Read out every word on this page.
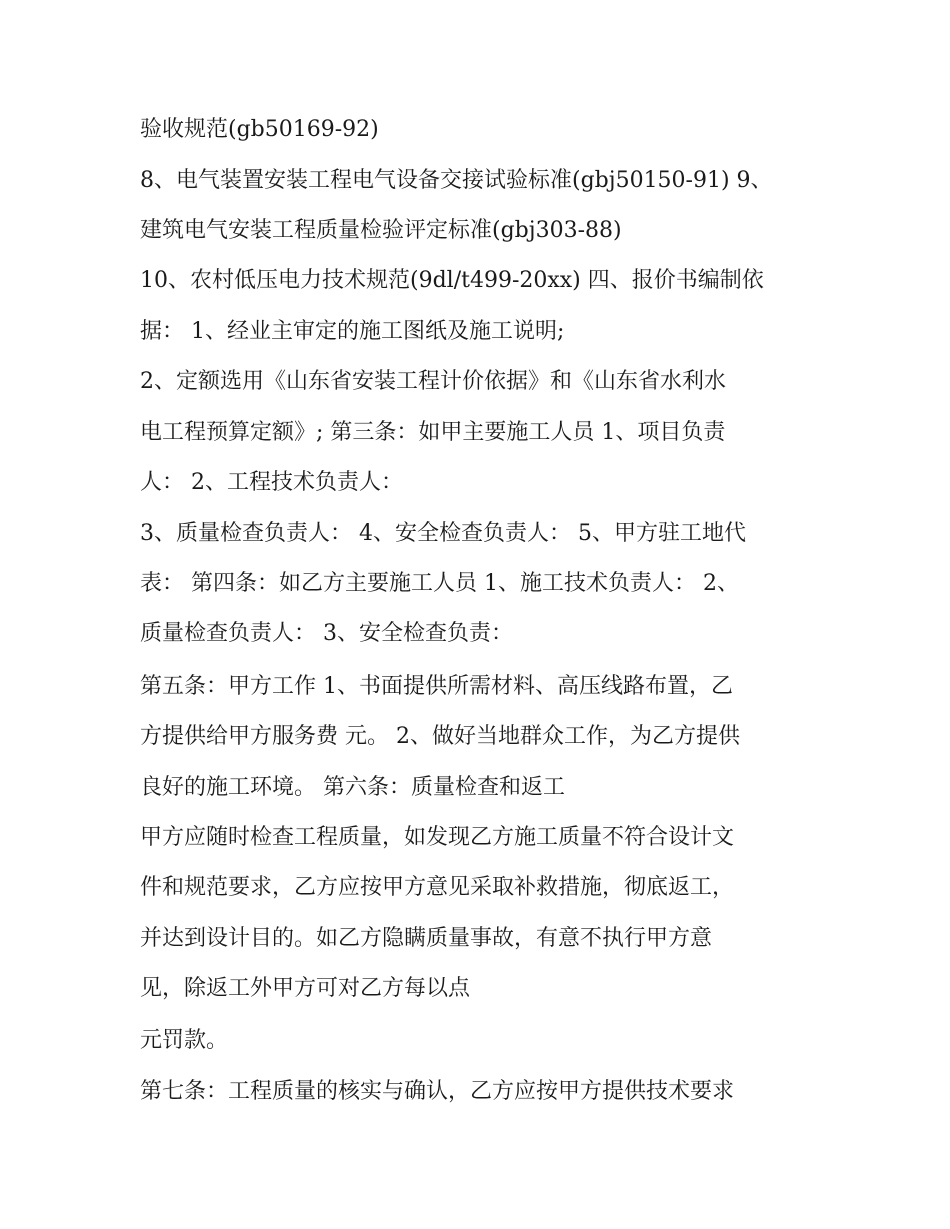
验收规范(gb50169-92)

8、电气装置安装工程电气设备交接试验标准(gbj50150-91) 9、

建筑电气安装工程质量检验评定标准(gbj303-88)

10、农村低压电力技术规范(9dl/t499-20xx) 四、报价书编制依

据： 1、经业主审定的施工图纸及施工说明;

2、定额选用《山东省安装工程计价依据》和《山东省水利水

电工程预算定额》; 第三条：如甲主要施工人员 1、项目负责

人： 2、工程技术负责人：

3、质量检查负责人： 4、安全检查负责人： 5、甲方驻工地代

表： 第四条：如乙方主要施工人员 1、施工技术负责人： 2、

质量检查负责人： 3、安全检查负责：

第五条：甲方工作 1、书面提供所需材料、高压线路布置，乙

方提供给甲方服务费 元。 2、做好当地群众工作，为乙方提供

良好的施工环境。 第六条：质量检查和返工

甲方应随时检查工程质量，如发现乙方施工质量不符合设计文

件和规范要求，乙方应按甲方意见采取补救措施，彻底返工，

并达到设计目的。如乙方隐瞒质量事故，有意不执行甲方意

见，除返工外甲方可对乙方每以点

元罚款。

第七条：工程质量的核实与确认，乙方应按甲方提供技术要求
